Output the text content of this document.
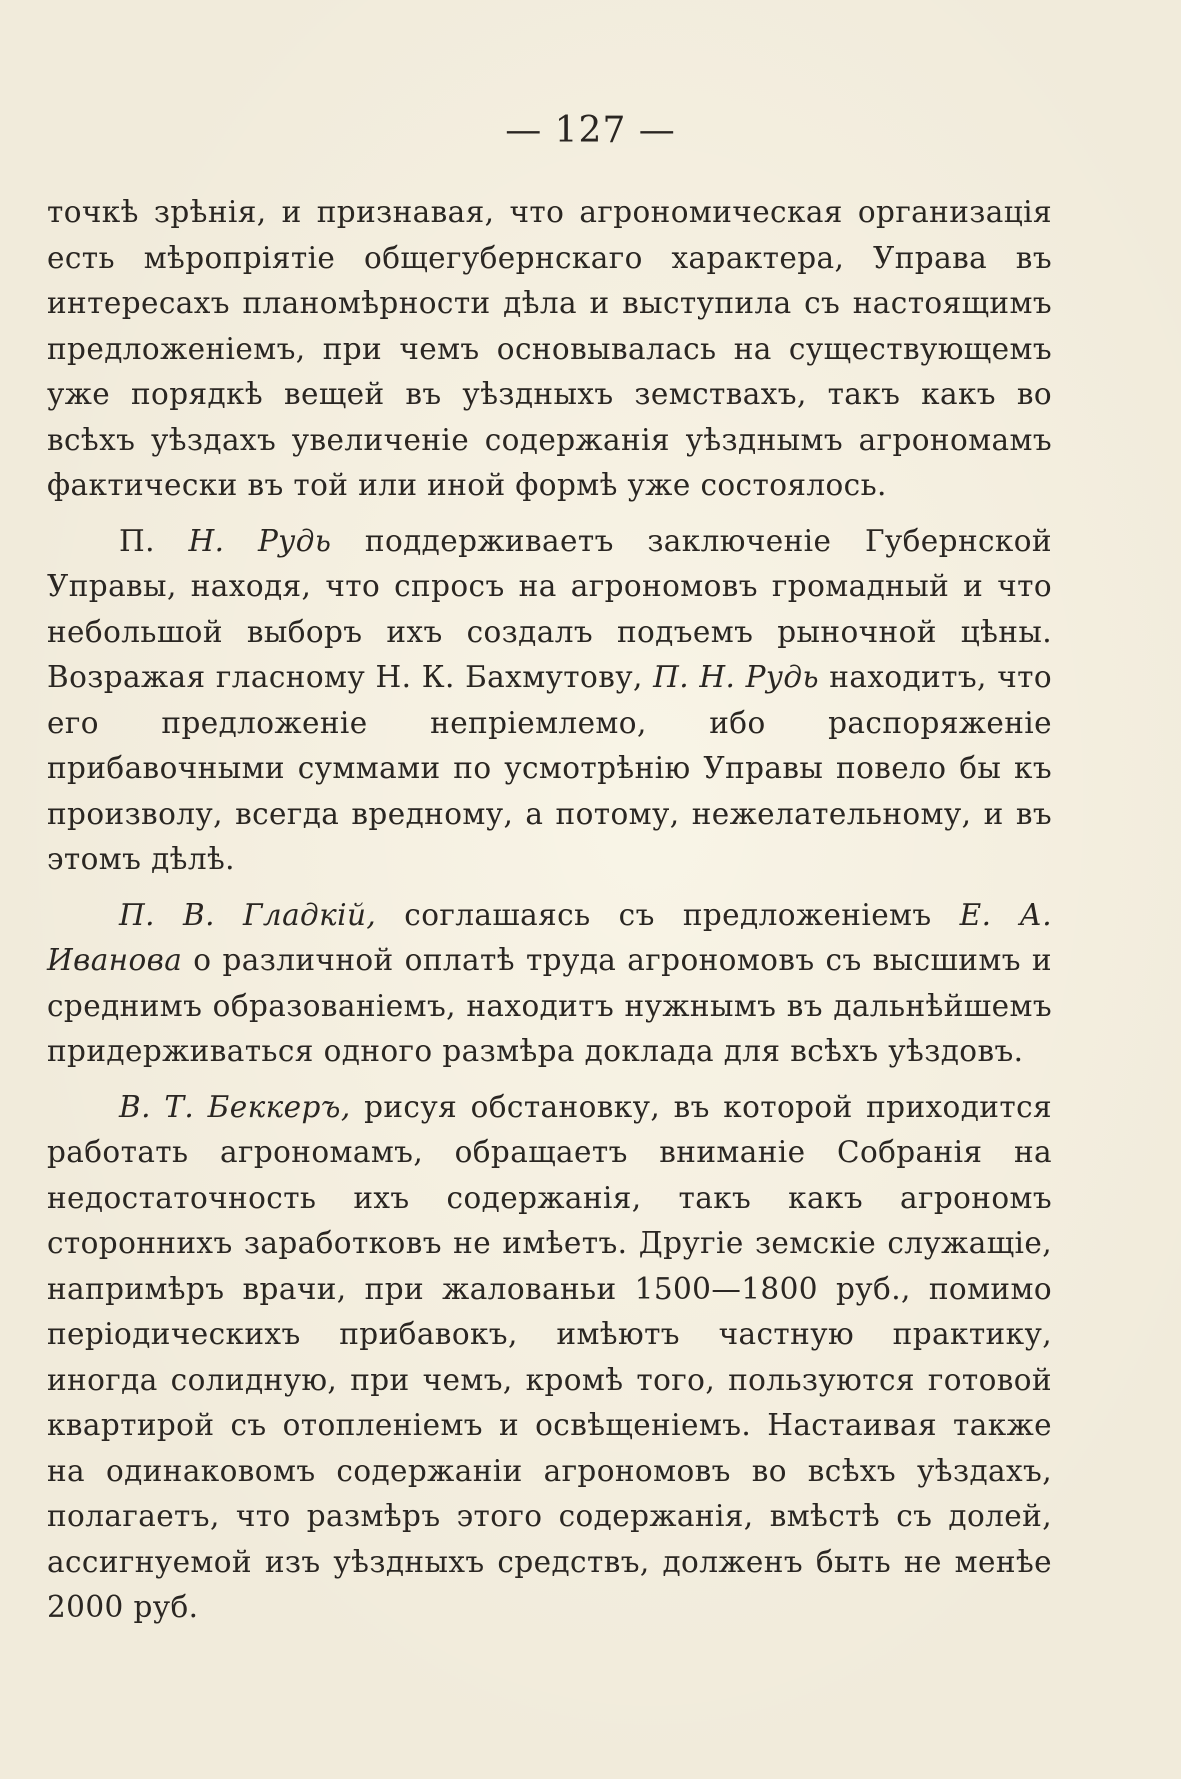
— 127 —

точкѣ зрѣнія, и признавая, что агрономическая организація есть мѣропріятіе общегубернскаго характера, Управа въ интересахъ планомѣрности дѣла и выступила съ настоящимъ предложеніемъ, при чемъ основывалась на существующемъ уже порядкѣ вещей въ уѣздныхъ земствахъ, такъ какъ во всѣхъ уѣздахъ увеличеніе содержанія уѣзднымъ агрономамъ фактически въ той или иной формѣ уже состоялось.

П. Н. Рудь поддерживаетъ заключеніе Губернской Управы, находя, что спросъ на агрономовъ громадный и что небольшой выборъ ихъ создалъ подъемъ рыночной цѣны. Возражая гласному Н. К. Бахмутову, П. Н. Рудь находитъ, что его предложеніе непріемлемо, ибо распоряженіе прибавочными суммами по усмотрѣнію Управы повело бы къ произволу, всегда вредному, а потому, нежелательному, и въ этомъ дѣлѣ.

П. В. Гладкій, соглашаясь съ предложеніемъ Е. А. Иванова о различной оплатѣ труда агрономовъ съ высшимъ и среднимъ образованіемъ, находитъ нужнымъ въ дальнѣйшемъ придерживаться одного размѣра доклада для всѣхъ уѣздовъ.

В. Т. Беккеръ, рисуя обстановку, въ которой приходится работать агрономамъ, обращаетъ вниманіе Собранія на недостаточность ихъ содержанія, такъ какъ агрономъ стороннихъ заработковъ не имѣетъ. Другіе земскіе служащіе, напримѣръ врачи, при жалованьи 1500—1800 руб., помимо періодическихъ прибавокъ, имѣютъ частную практику, иногда солидную, при чемъ, кромѣ того, пользуются готовой квартирой съ отопленіемъ и освѣщеніемъ. Настаивая также на одинаковомъ содержаніи агрономовъ во всѣхъ уѣздахъ, полагаетъ, что размѣръ этого содержанія, вмѣстѣ съ долей, ассигнуемой изъ уѣздныхъ средствъ, долженъ быть не менѣе 2000 руб.
